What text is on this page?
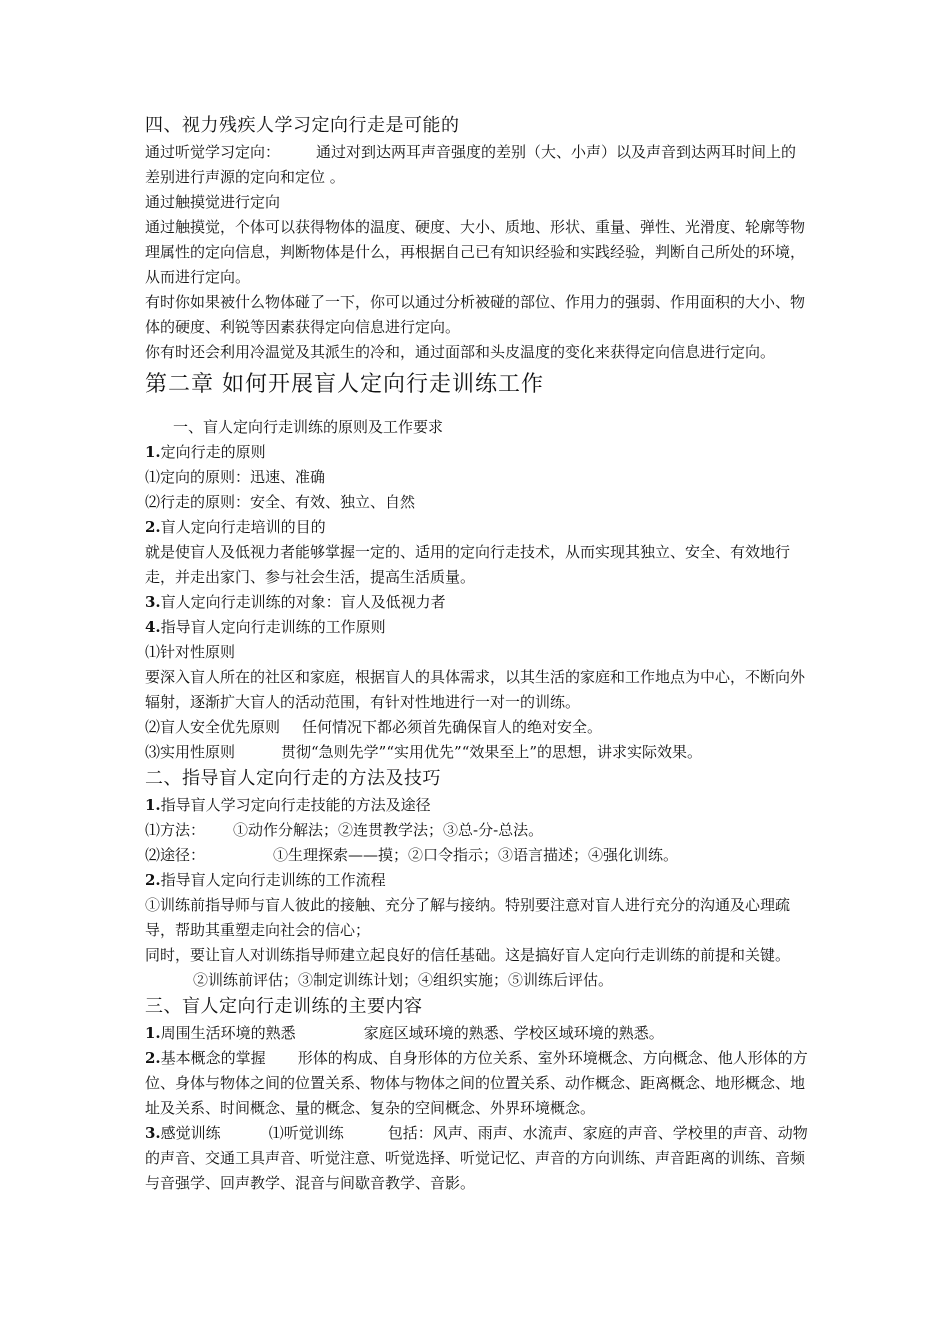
四、视力残疾人学习定向行走是可能的

通过听觉学习定向： 通过对到达两耳声音强度的差别（大、小声）以及声音到达两耳时间上的差别进行声源的定向和定位 。

通过触摸觉进行定向

通过触摸觉，个体可以获得物体的温度、硬度、大小、质地、形状、重量、弹性、光滑度、轮廓等物理属性的定向信息，判断物体是什么，再根据自己已有知识经验和实践经验，判断自己所处的环境，从而进行定向。

有时你如果被什么物体碰了一下，你可以通过分析被碰的部位、作用力的强弱、作用面积的大小、物体的硬度、利锐等因素获得定向信息进行定向。

你有时还会利用冷温觉及其派生的冷和，通过面部和头皮温度的变化来获得定向信息进行定向。

第二章 如何开展盲人定向行走训练工作

一、盲人定向行走训练的原则及工作要求

1.定向行走的原则

⑴定向的原则：迅速、准确

⑵行走的原则：安全、有效、独立、自然

2.盲人定向行走培训的目的

就是使盲人及低视力者能够掌握一定的、适用的定向行走技术，从而实现其独立、安全、有效地行走，并走出家门、参与社会生活，提高生活质量。

3.盲人定向行走训练的对象：盲人及低视力者

4.指导盲人定向行走训练的工作原则

⑴针对性原则

要深入盲人所在的社区和家庭，根据盲人的具体需求，以其生活的家庭和工作地点为中心，不断向外辐射，逐渐扩大盲人的活动范围，有针对性地进行一对一的训练。

⑵盲人安全优先原则 任何情况下都必须首先确保盲人的绝对安全。

⑶实用性原则	贯彻“急则先学”“实用优先”“效果至上”的思想，讲求实际效果。

二、指导盲人定向行走的方法及技巧

1.指导盲人学习定向行走技能的方法及途径

⑴方法： ①动作分解法；②连贯教学法；③总-分-总法。

⑵途径：	①生理探索——摸；②口令指示；③语言描述；④强化训练。

2.指导盲人定向行走训练的工作流程

①训练前指导师与盲人彼此的接触、充分了解与接纳。特别要注意对盲人进行充分的沟通及心理疏导，帮助其重塑走向社会的信心；

同时，要让盲人对训练指导师建立起良好的信任基础。这是搞好盲人定向行走训练的前提和关键。②训练前评估；③制定训练计划；④组织实施；⑤训练后评估。

三、盲人定向行走训练的主要内容

1.周围生活环境的熟悉	家庭区域环境的熟悉、学校区域环境的熟悉。

2.基本概念的掌握 形体的构成、自身形体的方位关系、室外环境概念、方向概念、他人形体的方位、身体与物体之间的位置关系、物体与物体之间的位置关系、动作概念、距离概念、地形概念、地址及关系、时间概念、量的概念、复杂的空间概念、外界环境概念。

3.感觉训练	⑴听觉训练	包括：风声、雨声、水流声、家庭的声音、学校里的声音、动物的声音、交通工具声音、听觉注意、听觉选择、听觉记忆、声音的方向训练、声音距离的训练、音频与音强学、回声教学、混音与间歇音教学、音影。
